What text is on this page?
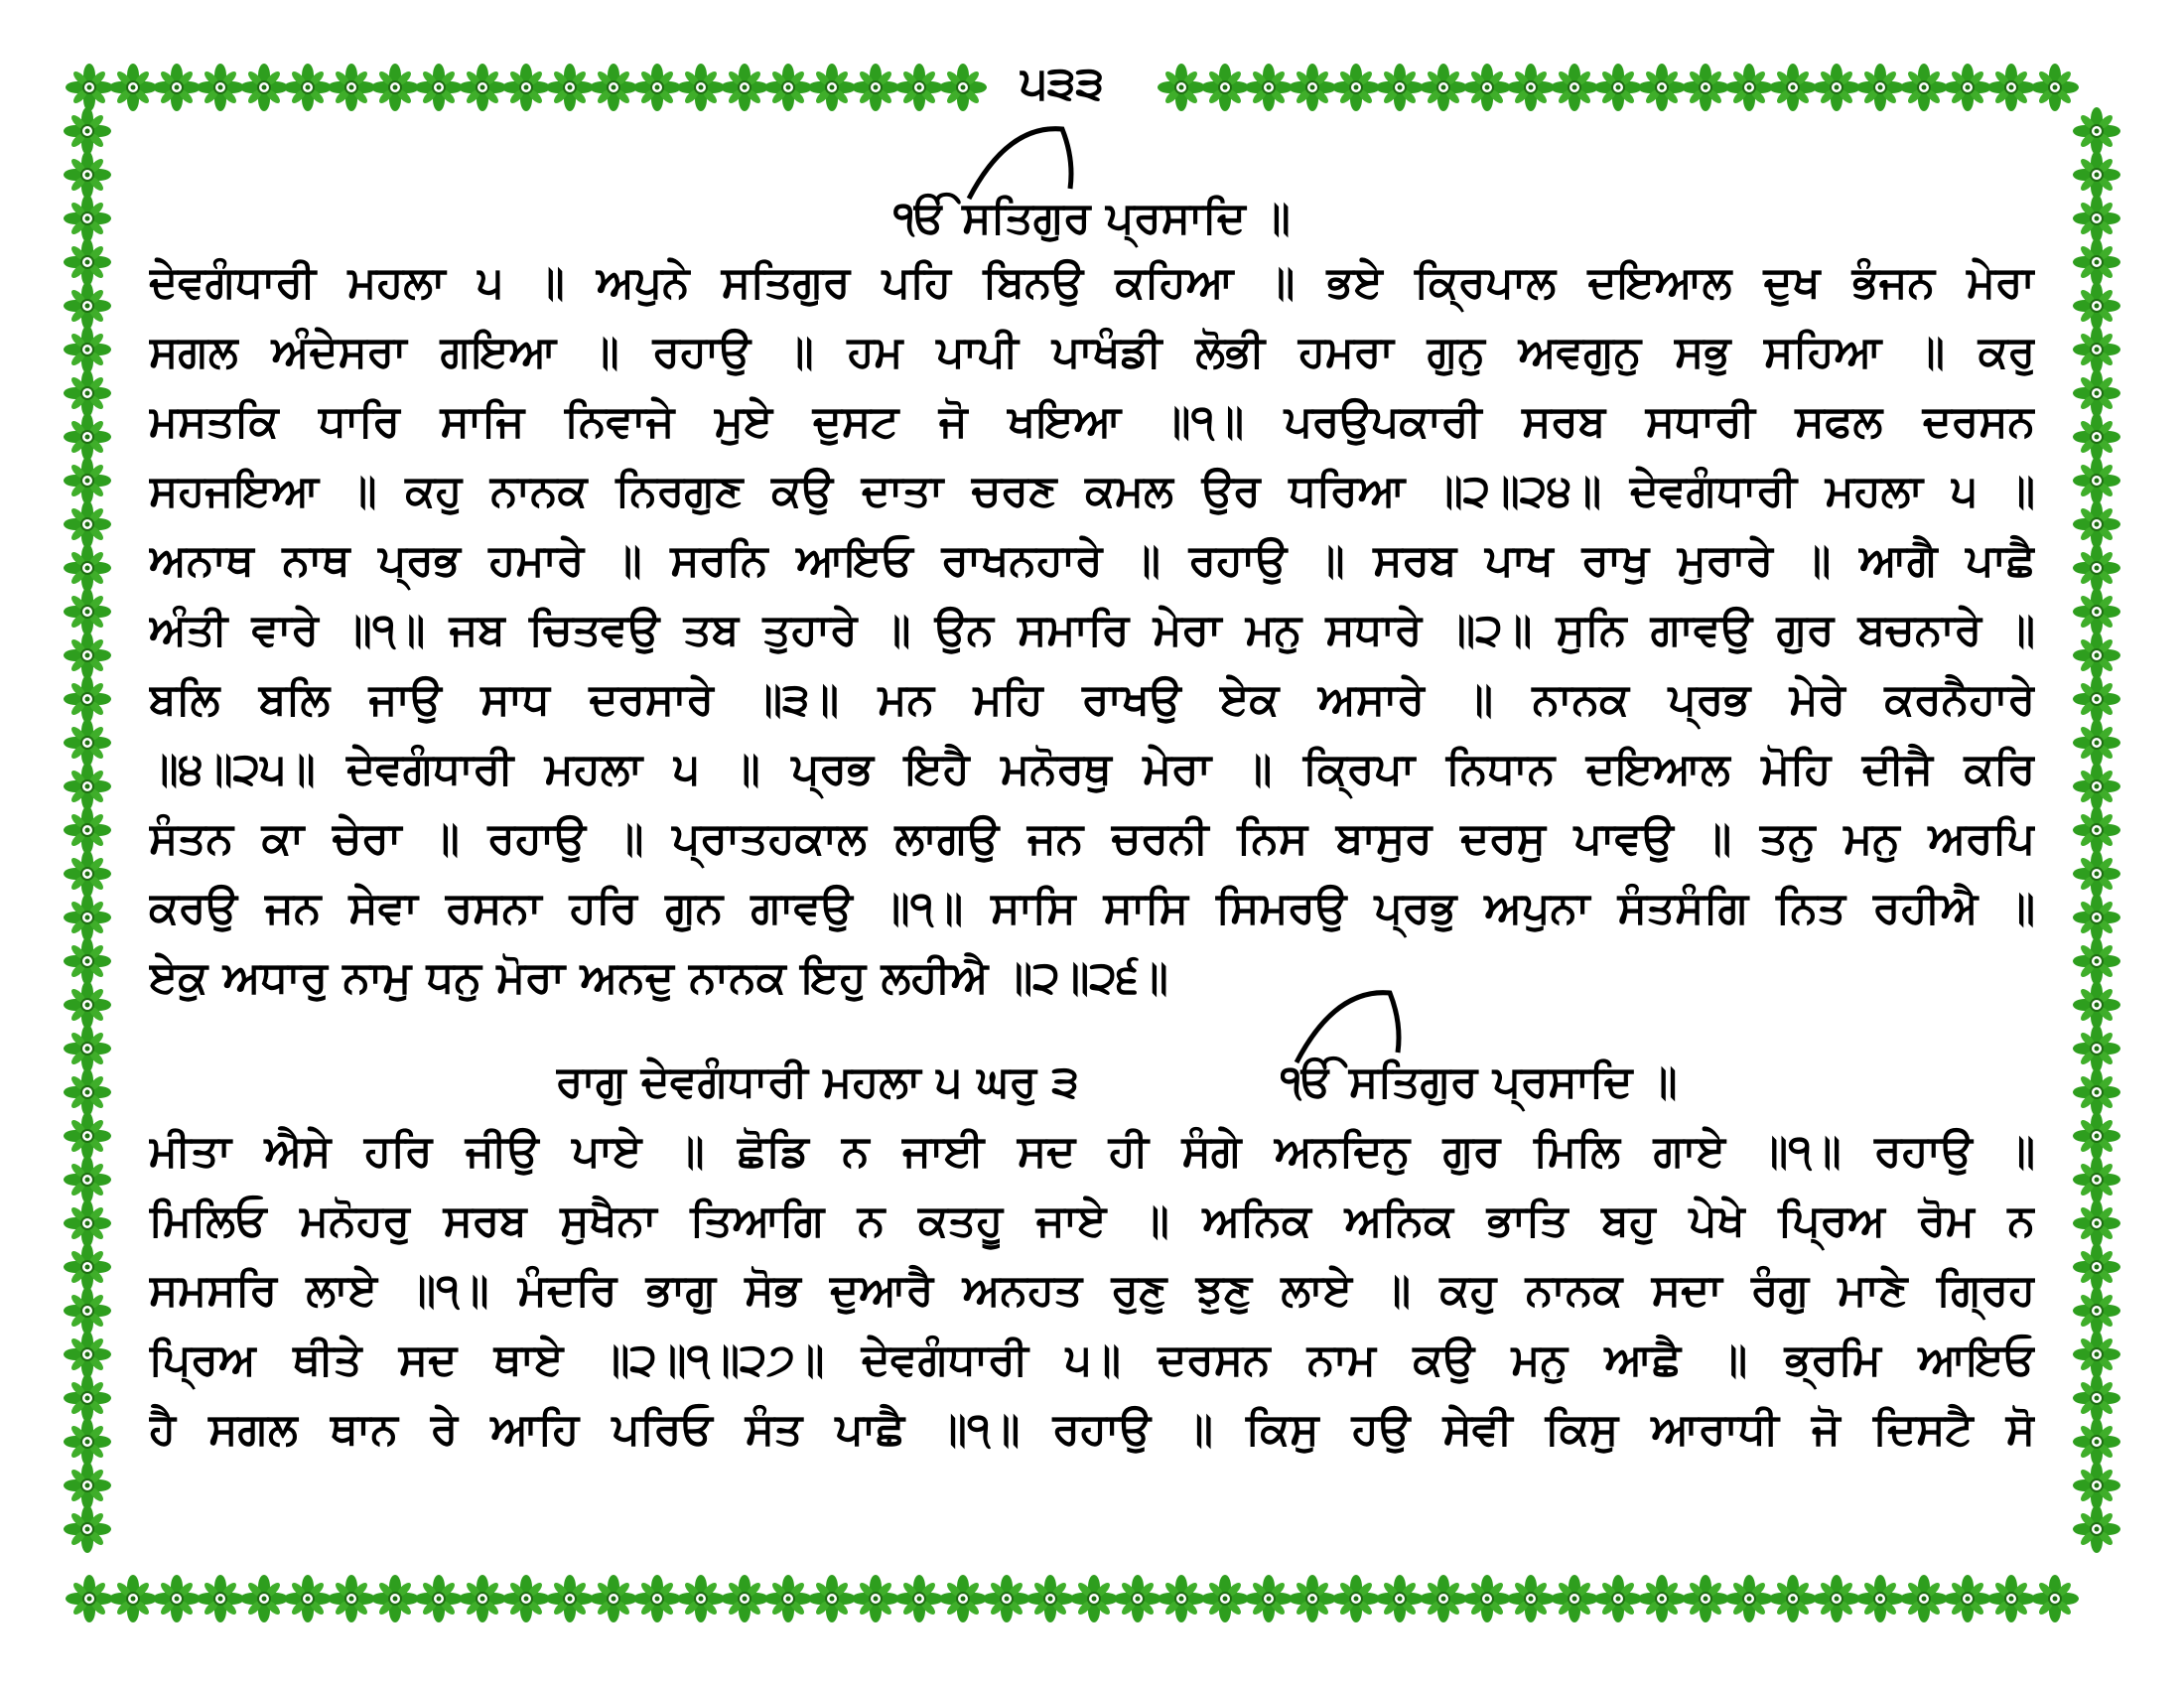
੫੩੩
ੴ ਸਤਿਗੁਰ ਪ੍ਰਸਾਦਿ ॥
ਦੇਵਗੰਧਾਰੀ ਮਹਲਾ ੫ ॥ ਅਪੁਨੇ ਸਤਿਗੁਰ ਪਹਿ ਬਿਨਉ ਕਹਿਆ ॥ ਭਏ ਕ੍ਰਿਪਾਲ ਦਇਆਲ ਦੁਖ ਭੰਜਨ ਮੇਰਾ
ਸਗਲ ਅੰਦੇਸਰਾ ਗਇਆ ॥ ਰਹਾਉ ॥ ਹਮ ਪਾਪੀ ਪਾਖੰਡੀ ਲੋਭੀ ਹਮਰਾ ਗੁਨੁ ਅਵਗੁਨੁ ਸਭੁ ਸਹਿਆ ॥ ਕਰੁ
ਮਸਤਕਿ ਧਾਰਿ ਸਾਜਿ ਨਿਵਾਜੇ ਮੁਏ ਦੁਸਟ ਜੋ ਖਇਆ ॥੧॥ ਪਰਉਪਕਾਰੀ ਸਰਬ ਸਧਾਰੀ ਸਫਲ ਦਰਸਨ
ਸਹਜਇਆ ॥ ਕਹੁ ਨਾਨਕ ਨਿਰਗੁਣ ਕਉ ਦਾਤਾ ਚਰਣ ਕਮਲ ਉਰ ਧਰਿਆ ॥੨॥੨੪॥ ਦੇਵਗੰਧਾਰੀ ਮਹਲਾ ੫ ॥
ਅਨਾਥ ਨਾਥ ਪ੍ਰਭ ਹਮਾਰੇ ॥ ਸਰਨਿ ਆਇਓ ਰਾਖਨਹਾਰੇ ॥ ਰਹਾਉ ॥ ਸਰਬ ਪਾਖ ਰਾਖੁ ਮੁਰਾਰੇ ॥ ਆਗੈ ਪਾਛੈ
ਅੰਤੀ ਵਾਰੇ ॥੧॥ ਜਬ ਚਿਤਵਉ ਤਬ ਤੁਹਾਰੇ ॥ ਉਨ ਸਮਾਰਿ ਮੇਰਾ ਮਨੁ ਸਧਾਰੇ ॥੨॥ ਸੁਨਿ ਗਾਵਉ ਗੁਰ ਬਚਨਾਰੇ ॥
ਬਲਿ ਬਲਿ ਜਾਉ ਸਾਧ ਦਰਸਾਰੇ ॥੩॥ ਮਨ ਮਹਿ ਰਾਖਉ ਏਕ ਅਸਾਰੇ ॥ ਨਾਨਕ ਪ੍ਰਭ ਮੇਰੇ ਕਰਨੈਹਾਰੇ
॥੪॥੨੫॥ ਦੇਵਗੰਧਾਰੀ ਮਹਲਾ ੫ ॥ ਪ੍ਰਭ ਇਹੈ ਮਨੋਰਥੁ ਮੇਰਾ ॥ ਕ੍ਰਿਪਾ ਨਿਧਾਨ ਦਇਆਲ ਮੋਹਿ ਦੀਜੈ ਕਰਿ
ਸੰਤਨ ਕਾ ਚੇਰਾ ॥ ਰਹਾਉ ॥ ਪ੍ਰਾਤਹਕਾਲ ਲਾਗਉ ਜਨ ਚਰਨੀ ਨਿਸ ਬਾਸੁਰ ਦਰਸੁ ਪਾਵਉ ॥ ਤਨੁ ਮਨੁ ਅਰਪਿ
ਕਰਉ ਜਨ ਸੇਵਾ ਰਸਨਾ ਹਰਿ ਗੁਨ ਗਾਵਉ ॥੧॥ ਸਾਸਿ ਸਾਸਿ ਸਿਮਰਉ ਪ੍ਰਭੁ ਅਪੁਨਾ ਸੰਤਸੰਗਿ ਨਿਤ ਰਹੀਐ ॥
ਏਕੁ ਅਧਾਰੁ ਨਾਮੁ ਧਨੁ ਮੋਰਾ ਅਨਦੁ ਨਾਨਕ ਇਹੁ ਲਹੀਐ ॥੨॥੨੬॥
ਰਾਗੁ ਦੇਵਗੰਧਾਰੀ ਮਹਲਾ ੫ ਘਰੁ ੩	ੴ ਸਤਿਗੁਰ ਪ੍ਰਸਾਦਿ ॥
ਮੀਤਾ ਐਸੇ ਹਰਿ ਜੀਉ ਪਾਏ ॥ ਛੋਡਿ ਨ ਜਾਈ ਸਦ ਹੀ ਸੰਗੇ ਅਨਦਿਨੁ ਗੁਰ ਮਿਲਿ ਗਾਏ ॥੧॥ ਰਹਾਉ ॥
ਮਿਲਿਓ ਮਨੋਹਰੁ ਸਰਬ ਸੁਖੈਨਾ ਤਿਆਗਿ ਨ ਕਤਹੂ ਜਾਏ ॥ ਅਨਿਕ ਅਨਿਕ ਭਾਤਿ ਬਹੁ ਪੇਖੇ ਪ੍ਰਿਅ ਰੋਮ ਨ
ਸਮਸਰਿ ਲਾਏ ॥੧॥ ਮੰਦਰਿ ਭਾਗੁ ਸੋਭ ਦੁਆਰੈ ਅਨਹਤ ਰੁਣੁ ਝੁਣੁ ਲਾਏ ॥ ਕਹੁ ਨਾਨਕ ਸਦਾ ਰੰਗੁ ਮਾਣੇ ਗ੍ਰਿਹ
ਪ੍ਰਿਅ ਥੀਤੇ ਸਦ ਥਾਏ ॥੨॥੧॥੨੭॥ ਦੇਵਗੰਧਾਰੀ ੫॥ ਦਰਸਨ ਨਾਮ ਕਉ ਮਨੁ ਆਛੈ ॥ ਭ੍ਰਮਿ ਆਇਓ
ਹੈ ਸਗਲ ਥਾਨ ਰੇ ਆਹਿ ਪਰਿਓ ਸੰਤ ਪਾਛੈ ॥੧॥ ਰਹਾਉ ॥ ਕਿਸੁ ਹਉ ਸੇਵੀ ਕਿਸੁ ਆਰਾਧੀ ਜੋ ਦਿਸਟੈ ਸੋ
